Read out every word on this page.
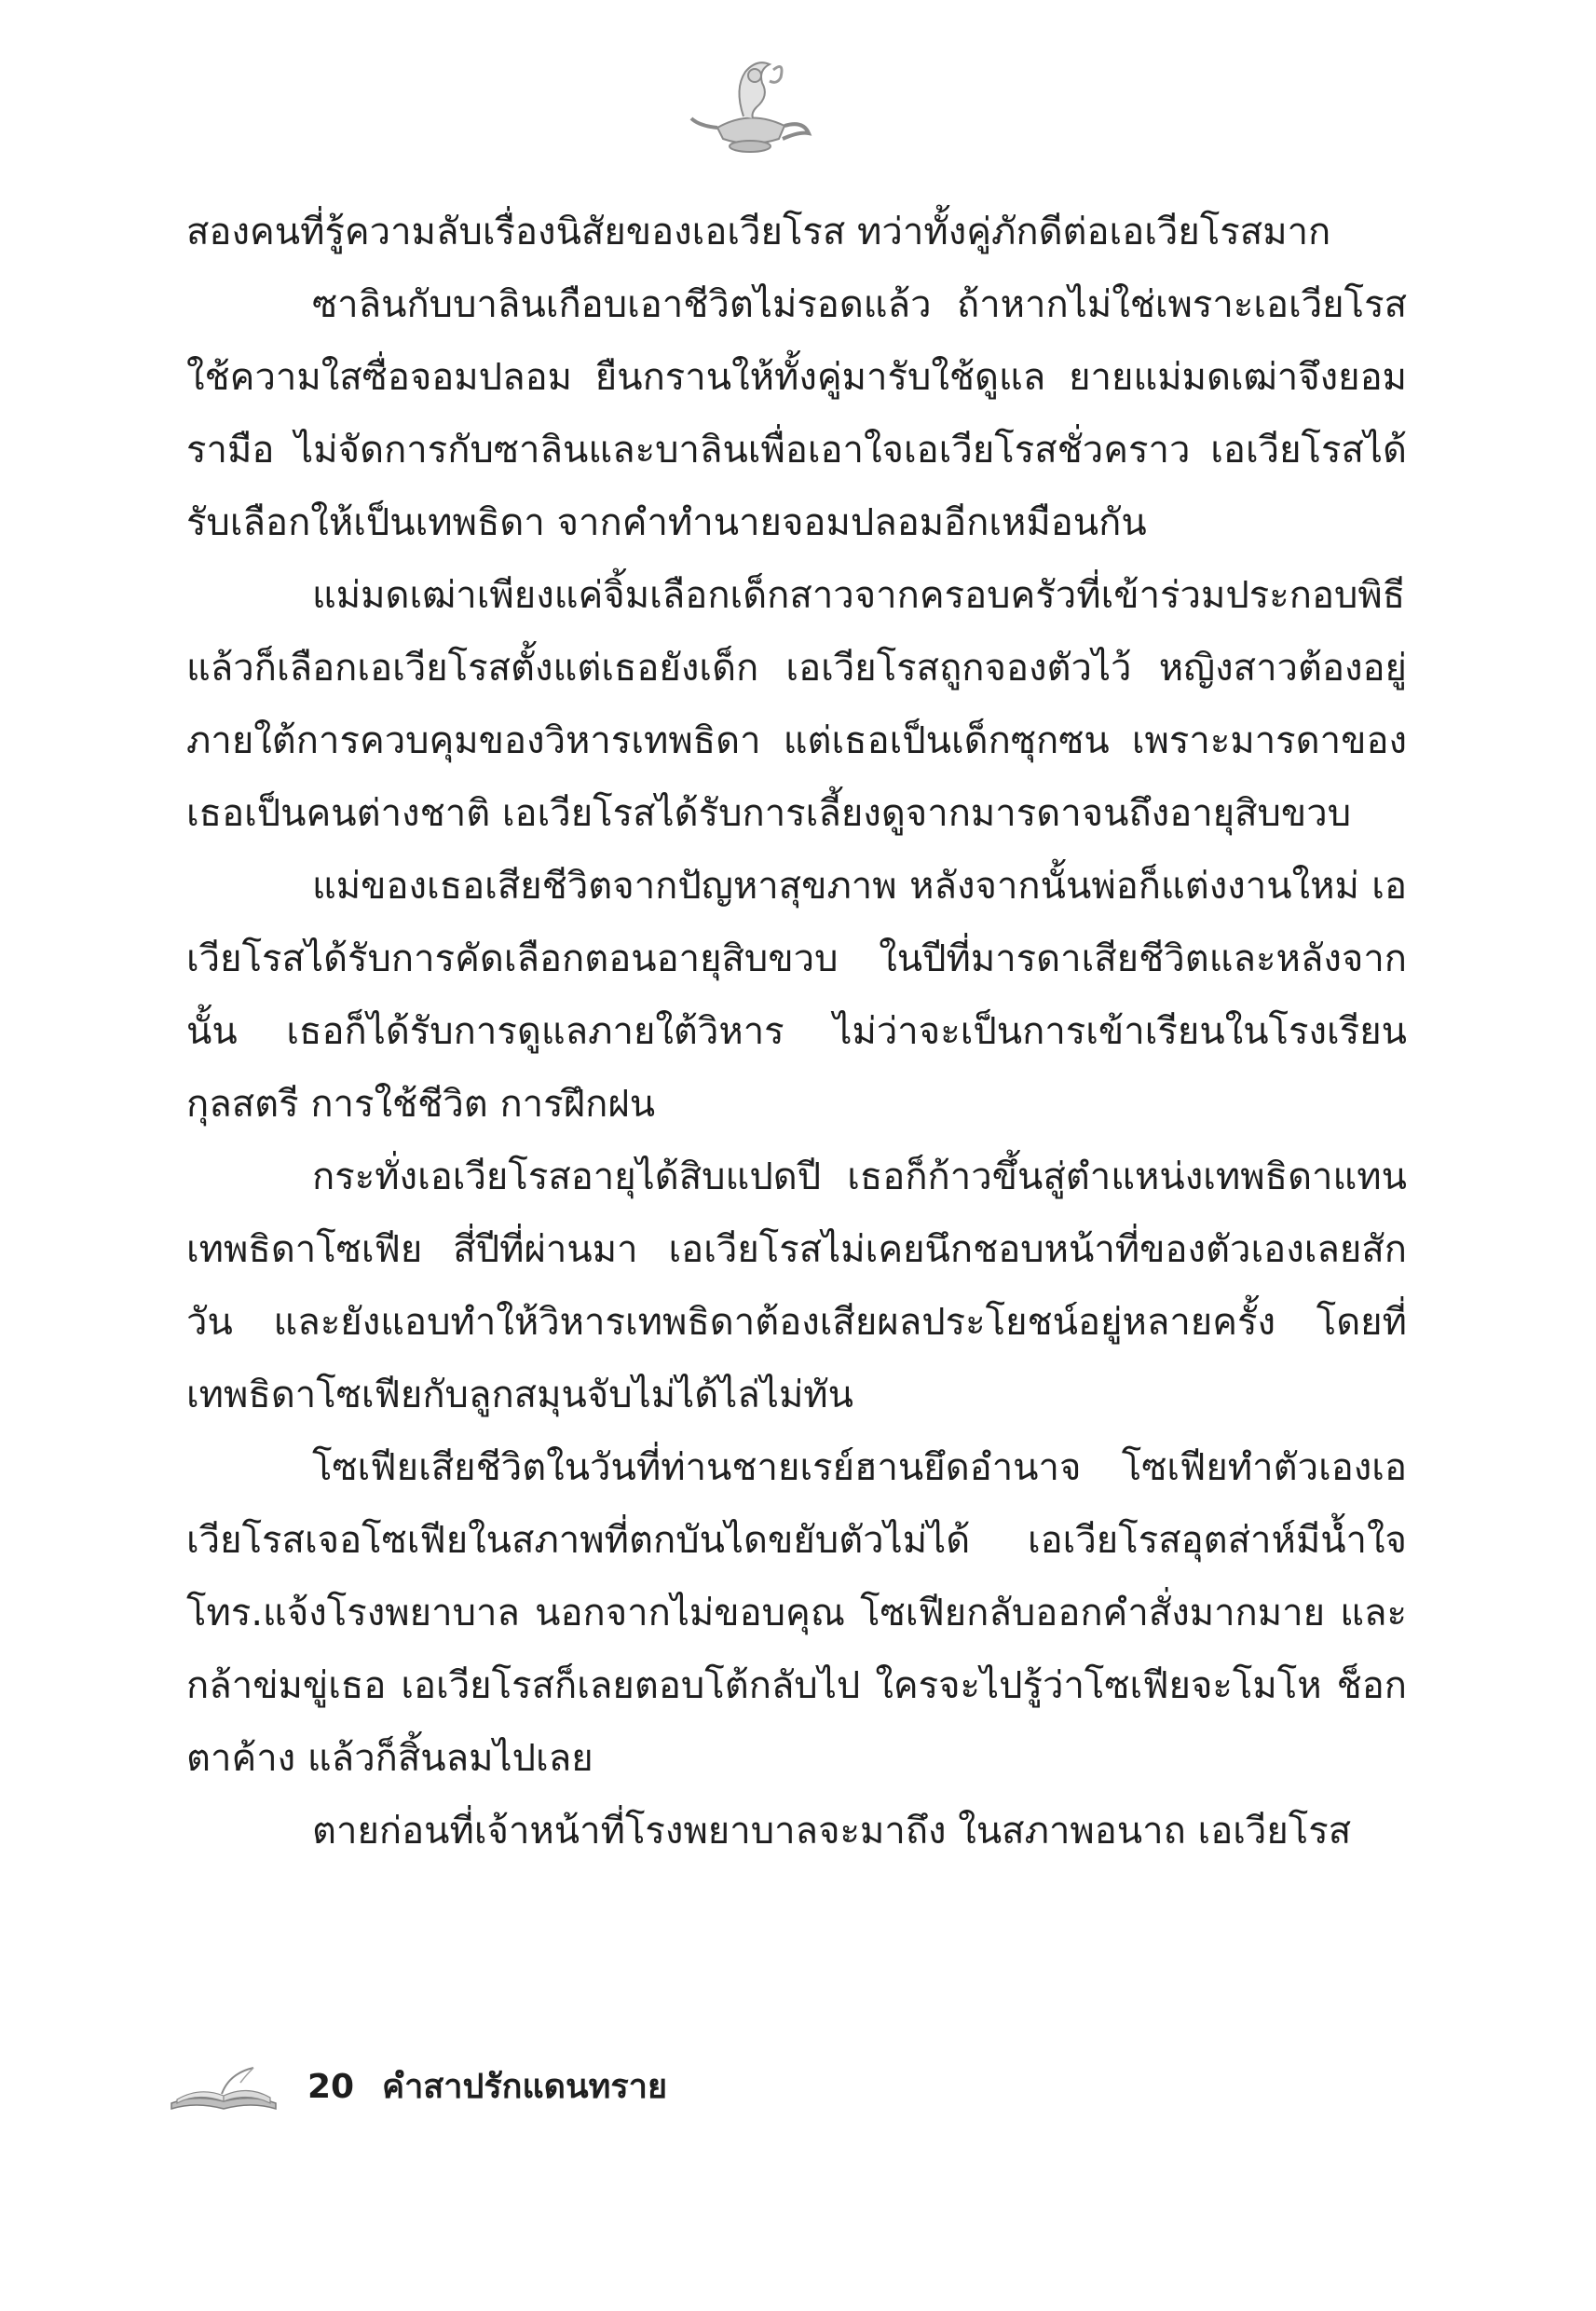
สองคนที่รู้ความลับเรื่องนิสัยของเอเวียโรส ทว่าทั้งคู่ภักดีต่อเอเวียโรสมาก

ซาลินกับบาลินเกือบเอาชีวิตไม่รอดแล้ว ถ้าหากไม่ใช่เพราะเอเวียโรสใช้ความใสซื่อจอมปลอม ยืนกรานให้ทั้งคู่มารับใช้ดูแล ยายแม่มดเฒ่าจึงยอมรามือ ไม่จัดการกับซาลินและบาลินเพื่อเอาใจเอเวียโรสชั่วคราว เอเวียโรสได้รับเลือกให้เป็นเทพธิดา จากคำทำนายจอมปลอมอีกเหมือนกัน

แม่มดเฒ่าเพียงแค่จิ้มเลือกเด็กสาวจากครอบครัวที่เข้าร่วมประกอบพิธี แล้วก็เลือกเอเวียโรสตั้งแต่เธอยังเด็ก เอเวียโรสถูกจองตัวไว้ หญิงสาวต้องอยู่ภายใต้การควบคุมของวิหารเทพธิดา แต่เธอเป็นเด็กซุกซน เพราะมารดาของเธอเป็นคนต่างชาติ เอเวียโรสได้รับการเลี้ยงดูจากมารดาจนถึงอายุสิบขวบ

แม่ของเธอเสียชีวิตจากปัญหาสุขภาพ หลังจากนั้นพ่อก็แต่งงานใหม่ เอเวียโรสได้รับการคัดเลือกตอนอายุสิบขวบ ในปีที่มารดาเสียชีวิตและหลังจากนั้น เธอก็ได้รับการดูแลภายใต้วิหาร ไม่ว่าจะเป็นการเข้าเรียนในโรงเรียนกุลสตรี การใช้ชีวิต การฝึกฝน

กระทั่งเอเวียโรสอายุได้สิบแปดปี เธอก็ก้าวขึ้นสู่ตำแหน่งเทพธิดาแทนเทพธิดาโซเฟีย สี่ปีที่ผ่านมา เอเวียโรสไม่เคยนึกชอบหน้าที่ของตัวเองเลยสักวัน และยังแอบทำให้วิหารเทพธิดาต้องเสียผลประโยชน์อยู่หลายครั้ง โดยที่เทพธิดาโซเฟียกับลูกสมุนจับไม่ได้ไล่ไม่ทัน

โซเฟียเสียชีวิตในวันที่ท่านชายเรย์ฮานยึดอำนาจ โซเฟียทำตัวเองเอเวียโรสเจอโซเฟียในสภาพที่ตกบันไดขยับตัวไม่ได้ เอเวียโรสอุตส่าห์มีน้ำใจโทร.แจ้งโรงพยาบาล นอกจากไม่ขอบคุณ โซเฟียกลับออกคำสั่งมากมาย และกล้าข่มขู่เธอ เอเวียโรสก็เลยตอบโต้กลับไป ใครจะไปรู้ว่าโซเฟียจะโมโห ช็อกตาค้าง แล้วก็สิ้นลมไปเลย

ตายก่อนที่เจ้าหน้าที่โรงพยาบาลจะมาถึง ในสภาพอนาถ เอเวียโรส

20 คำสาปรักแดนทราย
